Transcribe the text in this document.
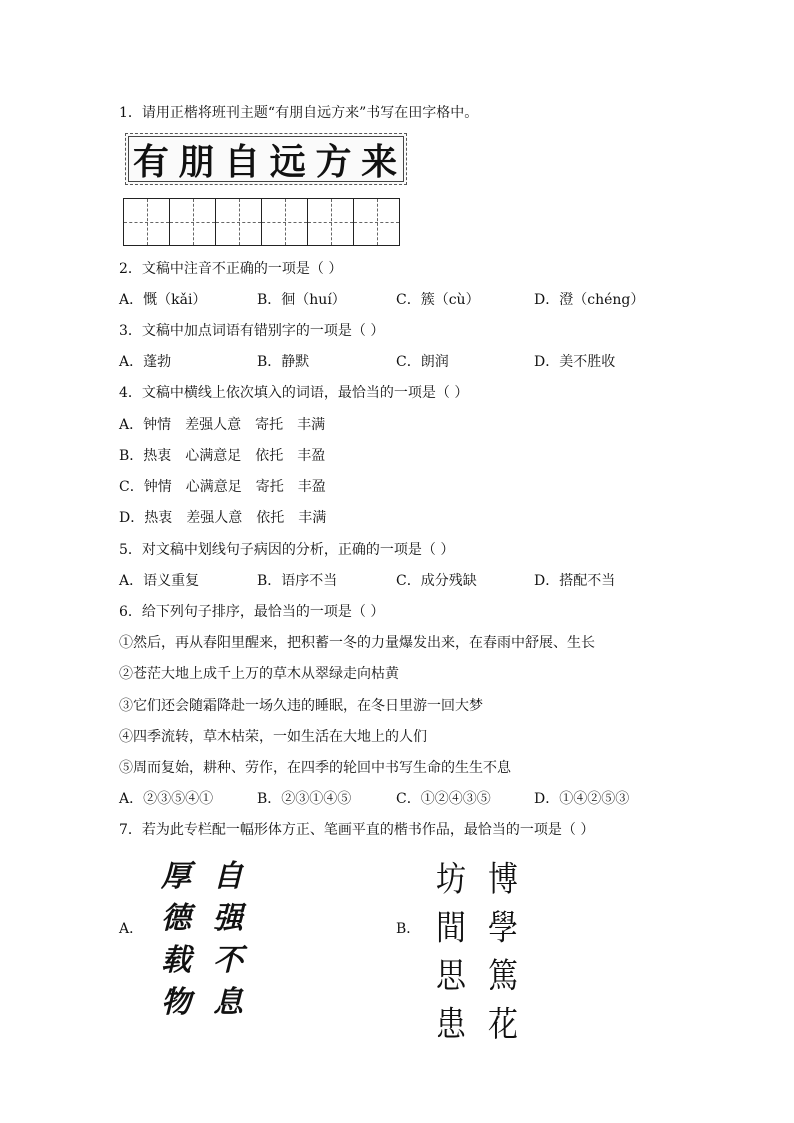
1．请用正楷将班刊主题“有朋自远方来”书写在田字格中。
有 朋 自 远 方 来
2．文稿中注音不正确的一项是（ ）
A．慨（kǎi）	B．徊（huí）	C．簇（cù）	D．澄（chéng）
3．文稿中加点词语有错别字的一项是（ ）
A．蓬勃	B．静默	C．朗润	D．美不胜收
4．文稿中横线上依次填入的词语，最恰当的一项是（ ）
A．钟情　差强人意　寄托　丰满
B．热衷　心满意足　依托　丰盈
C．钟情　心满意足　寄托　丰盈
D．热衷　差强人意　依托　丰满
5．对文稿中划线句子病因的分析，正确的一项是（ ）
A．语义重复	B．语序不当	C．成分残缺	D．搭配不当
6．给下列句子排序，最恰当的一项是（ ）
①然后，再从春阳里醒来，把积蓄一冬的力量爆发出来，在春雨中舒展、生长
②苍茫大地上成千上万的草木从翠绿走向枯黄
③它们还会随霜降赴一场久违的睡眠，在冬日里游一回大梦
④四季流转，草木枯荣，一如生活在大地上的人们
⑤周而复始，耕种、劳作，在四季的轮回中书写生命的生生不息
A．②③⑤④①	B．②③①④⑤	C．①②④③⑤	D．①④②⑤③
7．若为此专栏配一幅形体方正、笔画平直的楷书作品，最恰当的一项是（ ）
A．
厚 自
德 强
载 不
物 息
B．
坊 博
間 學
思 篤
患 花
